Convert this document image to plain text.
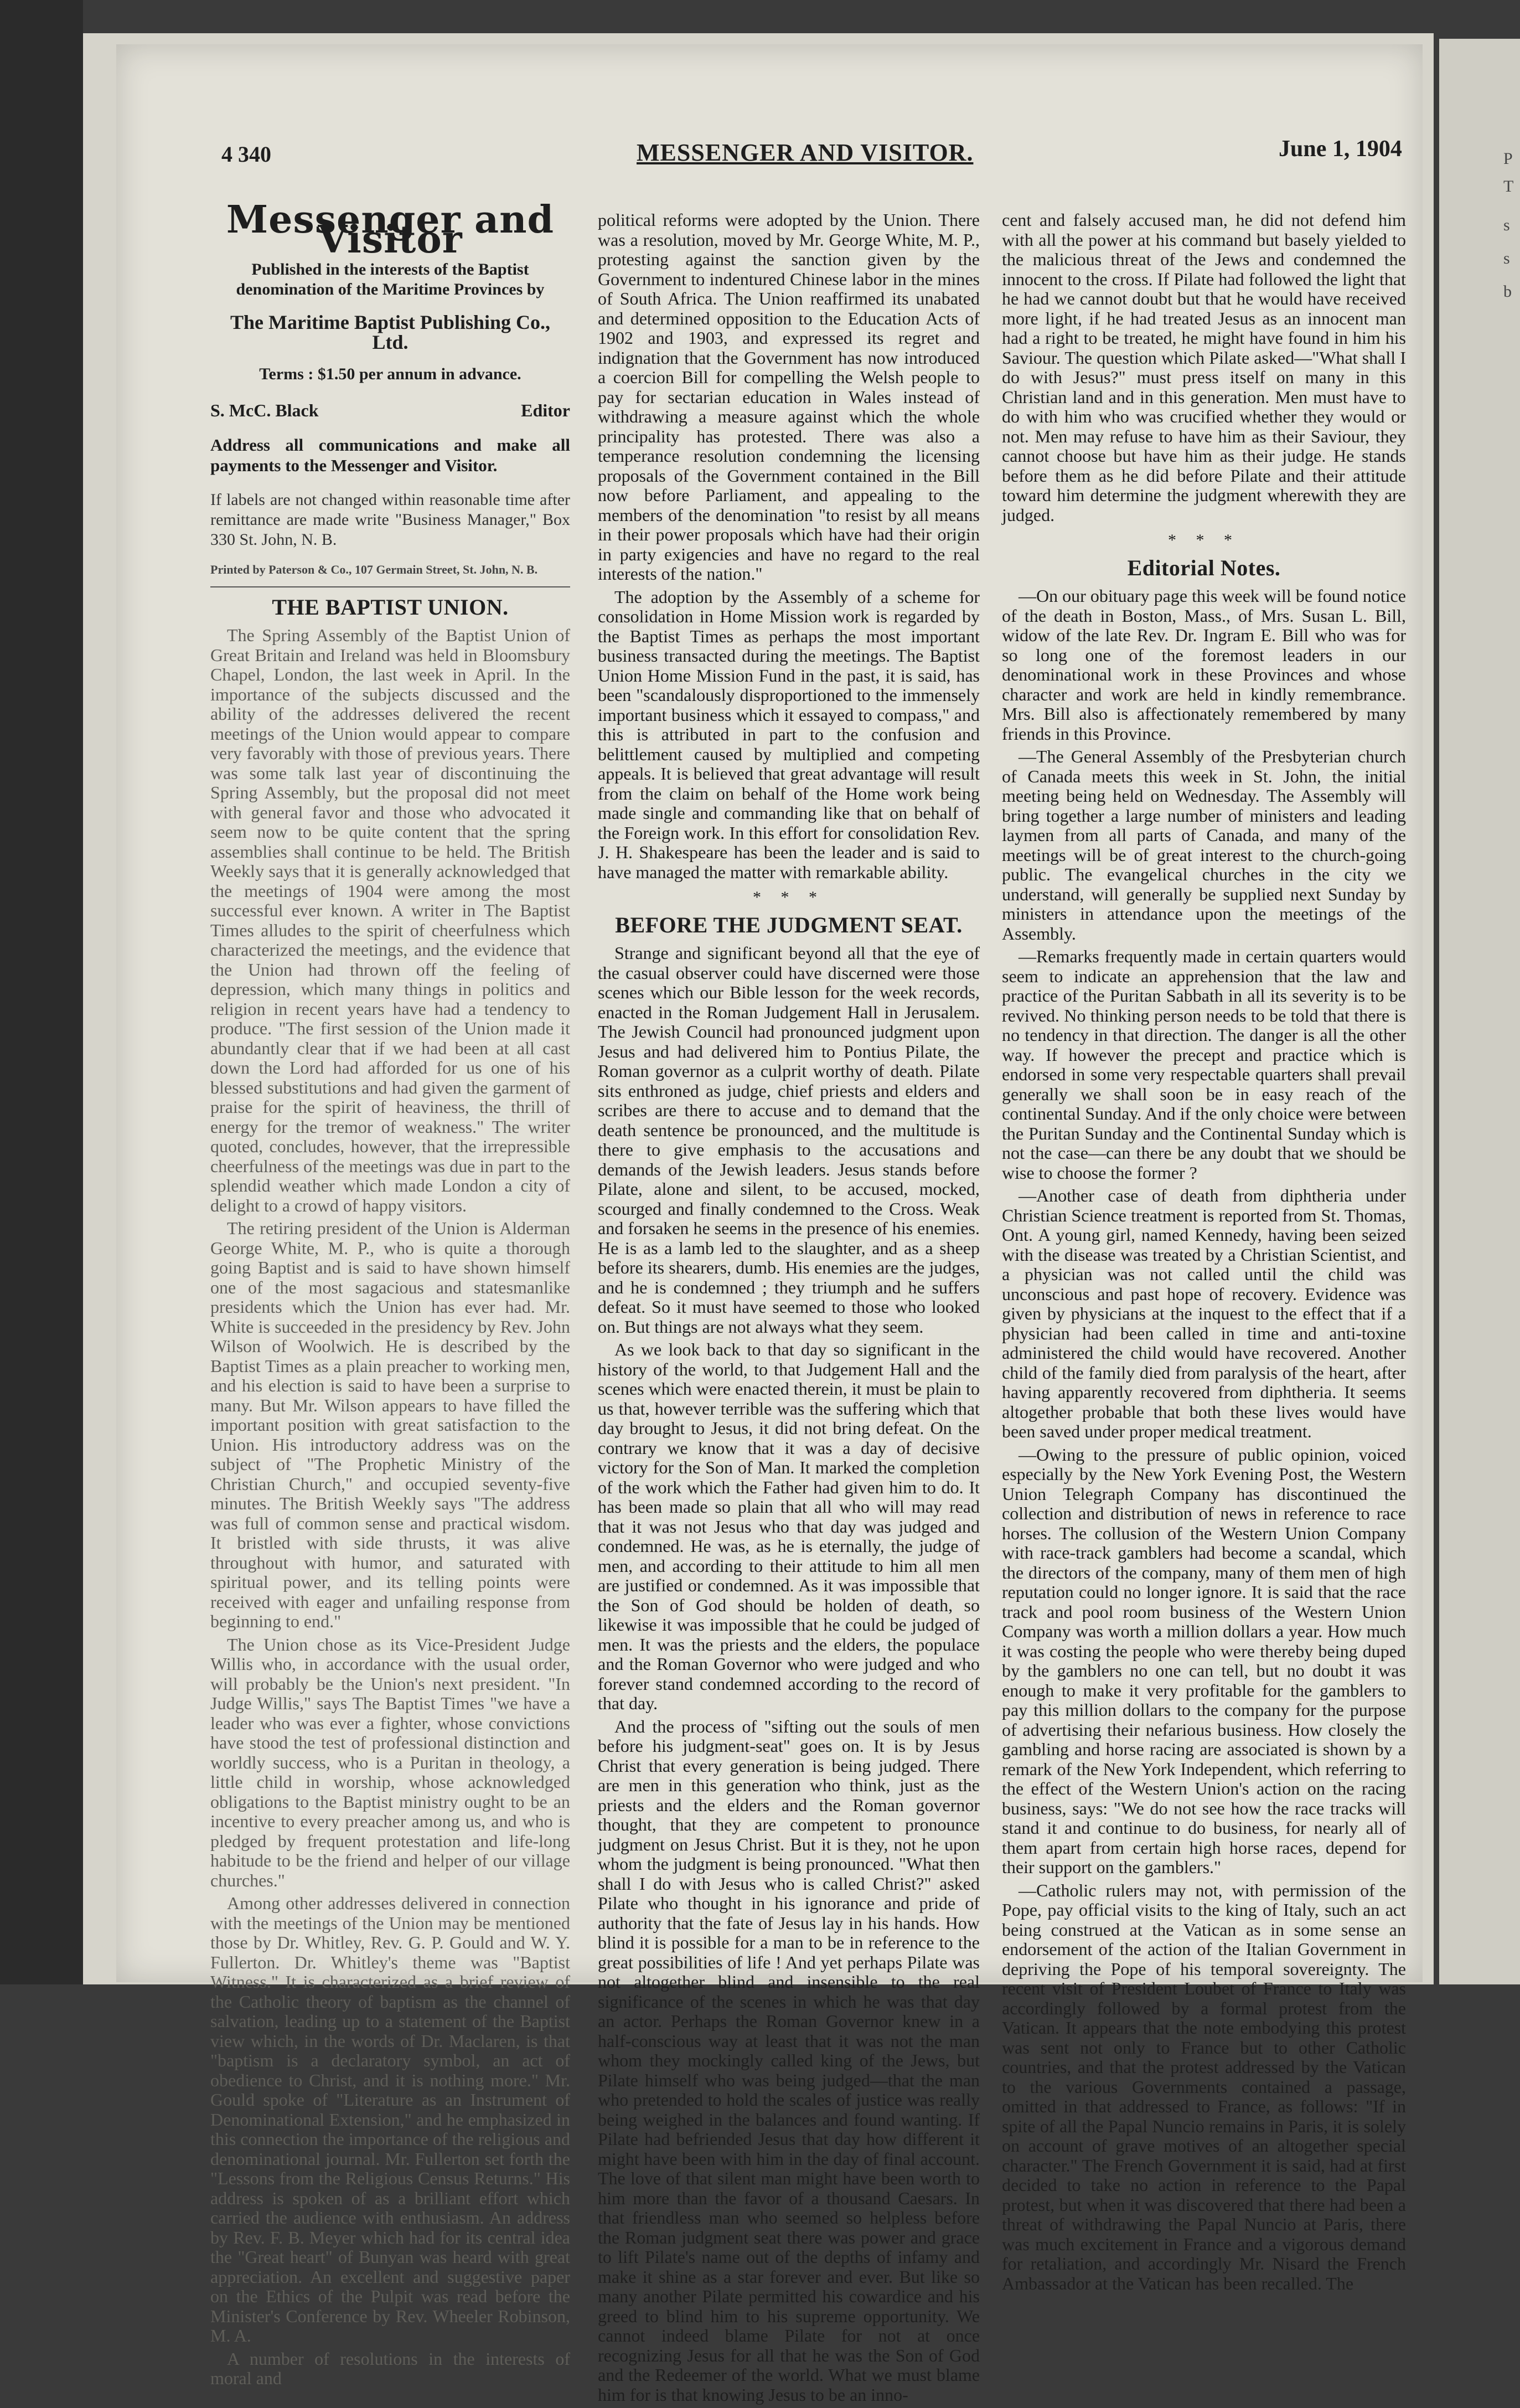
P
T
s
s
b
4 340	MESSENGER AND VISITOR.	June 1, 1904
Messenger and Visitor
Published in the interests of the Baptist denomination of the Maritime Provinces by
The Maritime Baptist Publishing Co., Ltd.
Terms : $1.50 per annum in advance.
S. McC. Black	Editor
Address all communications and make all payments to the Messenger and Visitor.
If labels are not changed within reasonable time after remittance are made write "Business Manager," Box 330 St. John, N. B.
Printed by Paterson & Co., 107 Germain Street, St. John, N. B.
THE BAPTIST UNION.

The Spring Assembly of the Baptist Union of Great Britain and Ireland was held in Bloomsbury Chapel, London, the last week in April. In the importance of the subjects discussed and the ability of the addresses delivered the recent meetings of the Union would appear to compare very favorably with those of previous years. There was some talk last year of discontinuing the Spring Assembly, but the proposal did not meet with general favor and those who advocated it seem now to be quite content that the spring assemblies shall continue to be held. The British Weekly says that it is generally acknowledged that the meetings of 1904 were among the most successful ever known. A writer in The Baptist Times alludes to the spirit of cheerfulness which characterized the meetings, and the evidence that the Union had thrown off the feeling of depression, which many things in politics and religion in recent years have had a tendency to produce. "The first session of the Union made it abundantly clear that if we had been at all cast down the Lord had afforded for us one of his blessed substitutions and had given the garment of praise for the spirit of heaviness, the thrill of energy for the tremor of weakness." The writer quoted, concludes, however, that the irrepressible cheerfulness of the meetings was due in part to the splendid weather which made London a city of delight to a crowd of happy visitors.

The retiring president of the Union is Alderman George White, M. P., who is quite a thorough going Baptist and is said to have shown himself one of the most sagacious and statesmanlike presidents which the Union has ever had. Mr. White is succeeded in the presidency by Rev. John Wilson of Woolwich. He is described by the Baptist Times as a plain preacher to working men, and his election is said to have been a surprise to many. But Mr. Wilson appears to have filled the important position with great satisfaction to the Union. His introductory address was on the subject of "The Prophetic Ministry of the Christian Church," and occupied seventy-five minutes. The British Weekly says "The address was full of common sense and practical wisdom. It bristled with side thrusts, it was alive throughout with humor, and saturated with spiritual power, and its telling points were received with eager and unfailing response from beginning to end."

The Union chose as its Vice-President Judge Willis who, in accordance with the usual order, will probably be the Union's next president. "In Judge Willis," says The Baptist Times "we have a leader who was ever a fighter, whose convictions have stood the test of professional distinction and worldly success, who is a Puritan in theology, a little child in worship, whose acknowledged obligations to the Baptist ministry ought to be an incentive to every preacher among us, and who is pledged by frequent protestation and life-long habitude to be the friend and helper of our village churches."

Among other addresses delivered in connection with the meetings of the Union may be mentioned those by Dr. Whitley, Rev. G. P. Gould and W. Y. Fullerton. Dr. Whitley's theme was "Baptist Witness." It is characterized as a brief review of the Catholic theory of baptism as the channel of salvation, leading up to a statement of the Baptist view which, in the words of Dr. Maclaren, is that "baptism is a declaratory symbol, an act of obedience to Christ, and it is nothing more." Mr. Gould spoke of "Literature as an Instrument of Denominational Extension," and he emphasized in this connection the importance of the religious and denominational journal. Mr. Fullerton set forth the "Lessons from the Religious Census Returns." His address is spoken of as a brilliant effort which carried the audience with enthusiasm. An address by Rev. F. B. Meyer which had for its central idea the "Great heart" of Bunyan was heard with great appreciation. An excellent and suggestive paper on the Ethics of the Pulpit was read before the Minister's Conference by Rev. Wheeler Robinson, M. A.

A number of resolutions in the interests of moral and

political reforms were adopted by the Union. There was a resolution, moved by Mr. George White, M. P., protesting against the sanction given by the Government to indentured Chinese labor in the mines of South Africa. The Union reaffirmed its unabated and determined opposition to the Education Acts of 1902 and 1903, and expressed its regret and indignation that the Government has now introduced a coercion Bill for compelling the Welsh people to pay for sectarian education in Wales instead of withdrawing a measure against which the whole principality has protested. There was also a temperance resolution condemning the licensing proposals of the Government contained in the Bill now before Parliament, and appealing to the members of the denomination "to resist by all means in their power proposals which have had their origin in party exigencies and have no regard to the real interests of the nation."

The adoption by the Assembly of a scheme for consolidation in Home Mission work is regarded by the Baptist Times as perhaps the most important business transacted during the meetings. The Baptist Union Home Mission Fund in the past, it is said, has been "scandalously disproportioned to the immensely important business which it essayed to compass," and this is attributed in part to the confusion and belittlement caused by multiplied and competing appeals. It is believed that great advantage will result from the claim on behalf of the Home work being made single and commanding like that on behalf of the Foreign work. In this effort for consolidation Rev. J. H. Shakespeare has been the leader and is said to have managed the matter with remarkable ability.

* * *
BEFORE THE JUDGMENT SEAT.

Strange and significant beyond all that the eye of the casual observer could have discerned were those scenes which our Bible lesson for the week records, enacted in the Roman Judgement Hall in Jerusalem. The Jewish Council had pronounced judgment upon Jesus and had delivered him to Pontius Pilate, the Roman governor as a culprit worthy of death. Pilate sits enthroned as judge, chief priests and elders and scribes are there to accuse and to demand that the death sentence be pronounced, and the multitude is there to give emphasis to the accusations and demands of the Jewish leaders. Jesus stands before Pilate, alone and silent, to be accused, mocked, scourged and finally condemned to the Cross. Weak and forsaken he seems in the presence of his enemies. He is as a lamb led to the slaughter, and as a sheep before its shearers, dumb. His enemies are the judges, and he is condemned ; they triumph and he suffers defeat. So it must have seemed to those who looked on. But things are not always what they seem.

As we look back to that day so significant in the history of the world, to that Judgement Hall and the scenes which were enacted therein, it must be plain to us that, however terrible was the suffering which that day brought to Jesus, it did not bring defeat. On the contrary we know that it was a day of decisive victory for the Son of Man. It marked the completion of the work which the Father had given him to do. It has been made so plain that all who will may read that it was not Jesus who that day was judged and condemned. He was, as he is eternally, the judge of men, and according to their attitude to him all men are justified or condemned. As it was impossible that the Son of God should be holden of death, so likewise it was impossible that he could be judged of men. It was the priests and the elders, the populace and the Roman Governor who were judged and who forever stand condemned according to the record of that day.

And the process of "sifting out the souls of men before his judgment-seat" goes on. It is by Jesus Christ that every generation is being judged. There are men in this generation who think, just as the priests and the elders and the Roman governor thought, that they are competent to pronounce judgment on Jesus Christ. But it is they, not he upon whom the judgment is being pronounced. "What then shall I do with Jesus who is called Christ?" asked Pilate who thought in his ignorance and pride of authority that the fate of Jesus lay in his hands. How blind it is possible for a man to be in reference to the great possibilities of life ! And yet perhaps Pilate was not altogether blind and insensible to the real significance of the scenes in which he was that day an actor. Perhaps the Roman Governor knew in a half-conscious way at least that it was not the man whom they mockingly called king of the Jews, but Pilate himself who was being judged—that the man who pretended to hold the scales of justice was really being weighed in the balances and found wanting. If Pilate had befriended Jesus that day how different it might have been with him in the day of final account. The love of that silent man might have been worth to him more than the favor of a thousand Caesars. In that friendless man who seemed so helpless before the Roman judgment seat there was power and grace to lift Pilate's name out of the depths of infamy and make it shine as a star forever and ever. But like so many another Pilate permitted his cowardice and his greed to blind him to his supreme opportunity. We cannot indeed blame Pilate for not at once recognizing Jesus for all that he was the Son of God and the Redeemer of the world. What we must blame him for is that knowing Jesus to be an inno-

cent and falsely accused man, he did not defend him with all the power at his command but basely yielded to the malicious threat of the Jews and condemned the innocent to the cross. If Pilate had followed the light that he had we cannot doubt but that he would have received more light, if he had treated Jesus as an innocent man had a right to be treated, he might have found in him his Saviour. The question which Pilate asked—"What shall I do with Jesus?" must press itself on many in this Christian land and in this generation. Men must have to do with him who was crucified whether they would or not. Men may refuse to have him as their Saviour, they cannot choose but have him as their judge. He stands before them as he did before Pilate and their attitude toward him determine the judgment wherewith they are judged.

* * *
Editorial Notes.

—On our obituary page this week will be found notice of the death in Boston, Mass., of Mrs. Susan L. Bill, widow of the late Rev. Dr. Ingram E. Bill who was for so long one of the foremost leaders in our denominational work in these Provinces and whose character and work are held in kindly remembrance. Mrs. Bill also is affectionately remembered by many friends in this Province.

—The General Assembly of the Presbyterian church of Canada meets this week in St. John, the initial meeting being held on Wednesday. The Assembly will bring together a large number of ministers and leading laymen from all parts of Canada, and many of the meetings will be of great interest to the church-going public. The evangelical churches in the city we understand, will generally be supplied next Sunday by ministers in attendance upon the meetings of the Assembly.

—Remarks frequently made in certain quarters would seem to indicate an apprehension that the law and practice of the Puritan Sabbath in all its severity is to be revived. No thinking person needs to be told that there is no tendency in that direction. The danger is all the other way. If however the precept and practice which is endorsed in some very respectable quarters shall prevail generally we shall soon be in easy reach of the continental Sunday. And if the only choice were between the Puritan Sunday and the Continental Sunday which is not the case—can there be any doubt that we should be wise to choose the former ?

—Another case of death from diphtheria under Christian Science treatment is reported from St. Thomas, Ont. A young girl, named Kennedy, having been seized with the disease was treated by a Christian Scientist, and a physician was not called until the child was unconscious and past hope of recovery. Evidence was given by physicians at the inquest to the effect that if a physician had been called in time and anti-toxine administered the child would have recovered. Another child of the family died from paralysis of the heart, after having apparently recovered from diphtheria. It seems altogether probable that both these lives would have been saved under proper medical treatment.

—Owing to the pressure of public opinion, voiced especially by the New York Evening Post, the Western Union Telegraph Company has discontinued the collection and distribution of news in reference to race horses. The collusion of the Western Union Company with race-track gamblers had become a scandal, which the directors of the company, many of them men of high reputation could no longer ignore. It is said that the race track and pool room business of the Western Union Company was worth a million dollars a year. How much it was costing the people who were thereby being duped by the gamblers no one can tell, but no doubt it was enough to make it very profitable for the gamblers to pay this million dollars to the company for the purpose of advertising their nefarious business. How closely the gambling and horse racing are associated is shown by a remark of the New York Independent, which referring to the effect of the Western Union's action on the racing business, says: "We do not see how the race tracks will stand it and continue to do business, for nearly all of them apart from certain high horse races, depend for their support on the gamblers."

—Catholic rulers may not, with permission of the Pope, pay official visits to the king of Italy, such an act being construed at the Vatican as in some sense an endorsement of the action of the Italian Government in depriving the Pope of his temporal sovereignty. The recent visit of President Loubet of France to Italy was accordingly followed by a formal protest from the Vatican. It appears that the note embodying this protest was sent not only to France but to other Catholic countries, and that the protest addressed by the Vatican to the various Governments contained a passage, omitted in that addressed to France, as follows: "If in spite of all the Papal Nuncio remains in Paris, it is solely on account of grave motives of an altogether special character." The French Government it is said, had at first decided to take no action in reference to the Papal protest, but when it was discovered that there had been a threat of withdrawing the Papal Nuncio at Paris, there was much excitement in France and a vigorous demand for retaliation, and accordingly Mr. Nisard the French Ambassador at the Vatican has been recalled. The
